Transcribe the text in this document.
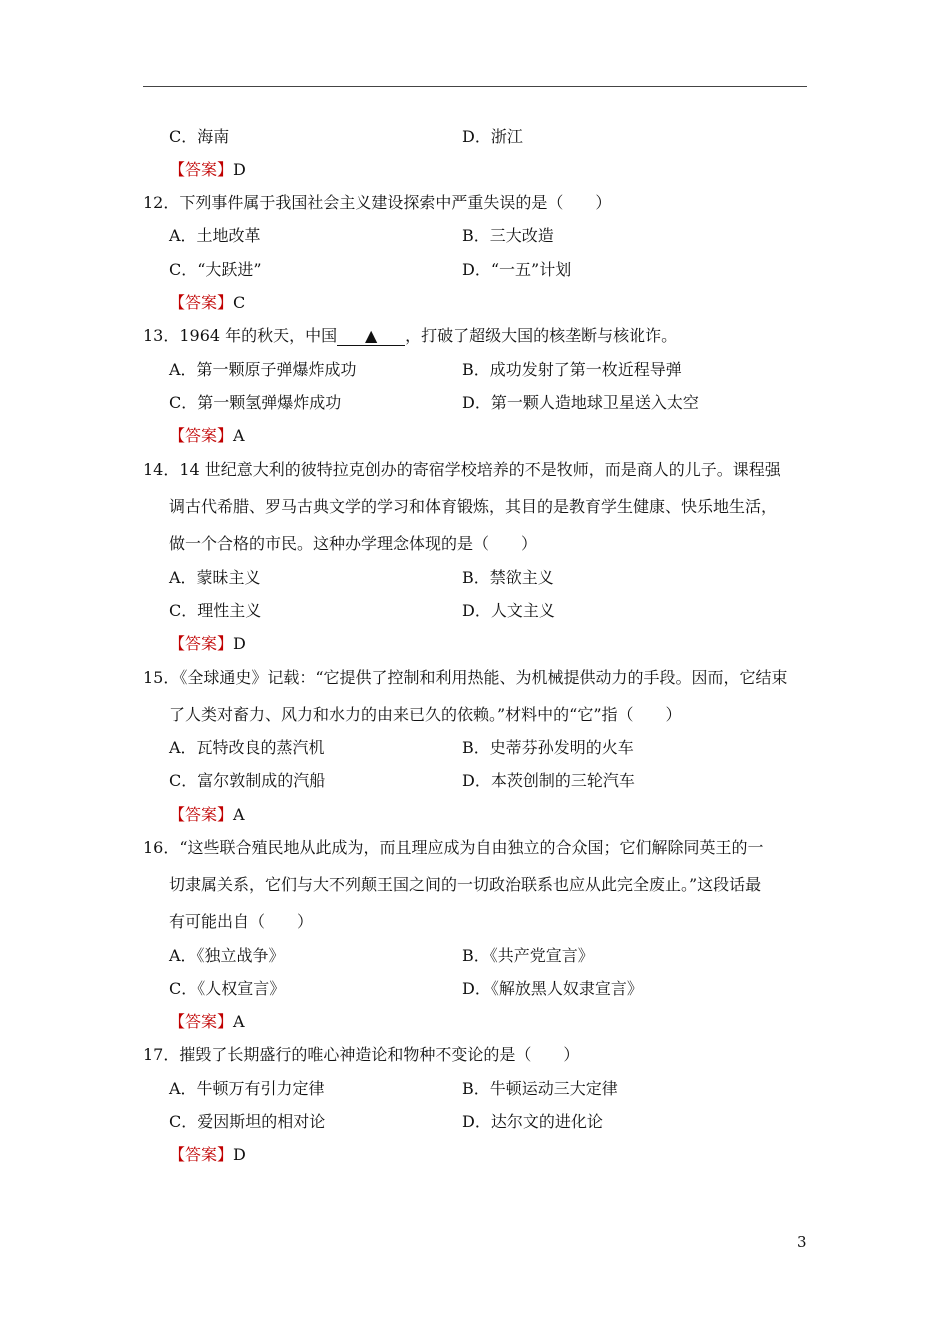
C．海南	D．浙江
【答案】D
12．下列事件属于我国社会主义建设探索中严重失误的是（　　）
A．土地改革	B．三大改造
C．“大跃进”	D．“一五”计划
【答案】C
13．1964 年的秋天，中国 ▲ ，打破了超级大国的核垄断与核讹诈。
A．第一颗原子弹爆炸成功	B．成功发射了第一枚近程导弹
C．第一颗氢弹爆炸成功	D．第一颗人造地球卫星送入太空
【答案】A
14．14 世纪意大利的彼特拉克创办的寄宿学校培养的不是牧师，而是商人的儿子。课程强
调古代希腊、罗马古典文学的学习和体育锻炼，其目的是教育学生健康、快乐地生活，
做一个合格的市民。这种办学理念体现的是（　　）
A．蒙昧主义	B．禁欲主义
C．理性主义	D．人文主义
【答案】D
15．《全球通史》记载：“它提供了控制和利用热能、为机械提供动力的手段。因而，它结束
了人类对畜力、风力和水力的由来已久的依赖。”材料中的“它”指（　　）
A．瓦特改良的蒸汽机	B．史蒂芬孙发明的火车
C．富尔敦制成的汽船	D．本茨创制的三轮汽车
【答案】A
16．“这些联合殖民地从此成为，而且理应成为自由独立的合众国；它们解除同英王的一
切隶属关系，它们与大不列颠王国之间的一切政治联系也应从此完全废止。”这段话最
有可能出自（　　）
A．《独立战争》	B．《共产党宣言》
C．《人权宣言》	D．《解放黑人奴隶宣言》
【答案】A
17．摧毁了长期盛行的唯心神造论和物种不变论的是（　　）
A．牛顿万有引力定律	B．牛顿运动三大定律
C．爱因斯坦的相对论	D．达尔文的进化论
【答案】D
3
